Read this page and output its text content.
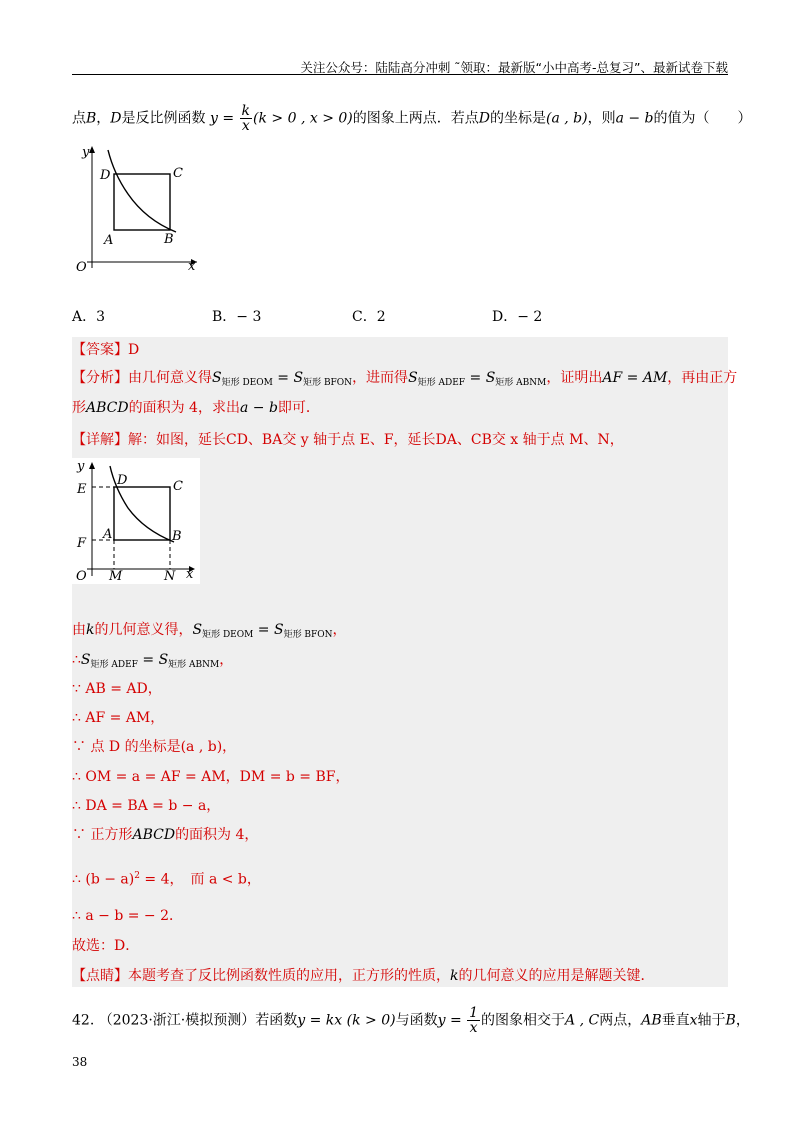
关注公众号：陆陆高分冲刺 ˜领取：最新版“小中高考-总复习”、最新试卷下载
点B，D是反比例函数 $y = \frac{k}{x} (k > 0$ , x > 0)的图象上两点．若点D的坐标是(a , b)，则a − b的值为（　　）
y
x
O
D	C
A	B
A．3	B．− 3	C．2	D．− 2
【答案】D
【分析】由几何意义得$S_{矩形 DEOM} = S_{矩形 BFON}$，进而得$S_{矩形 ADEF} = S_{矩形 ABNM}$，证明出AF = AM，再由正方
形ABCD的面积为 4，求出a − b即可．
【详解】解：如图，延长CD、BA交 y 轴于点 E、F，延长DA、CB交 x 轴于点 M、N，
y
x
O
E
F
D	C
A	B
M	N
由k的几何意义得，$S_{矩形 DEOM} = S_{矩形 BFON}$，
$\therefore S_{矩形 ADEF} = S_{矩形 ABNM}$，
∵ AB = AD，
∴ AF = AM，
∵ 点 D 的坐标是(a , b)，
∴ OM = a = AF = AM，DM = b = BF，
∴ DA = BA = b − a，
∵ 正方形ABCD的面积为 4，
∴ $(b - a)^2 = 4$，　而 a < b，
∴ a − b = − 2．
故选：D．
【点睛】本题考查了反比例函数性质的应用，正方形的性质，k的几何意义的应用是解题关键．
42. （2023·浙江·模拟预测）若函数y = kx (k > 0)与函数$y = \frac{1}{x}$ 的图象相交于A , C两点，AB垂直x轴于B，
38
